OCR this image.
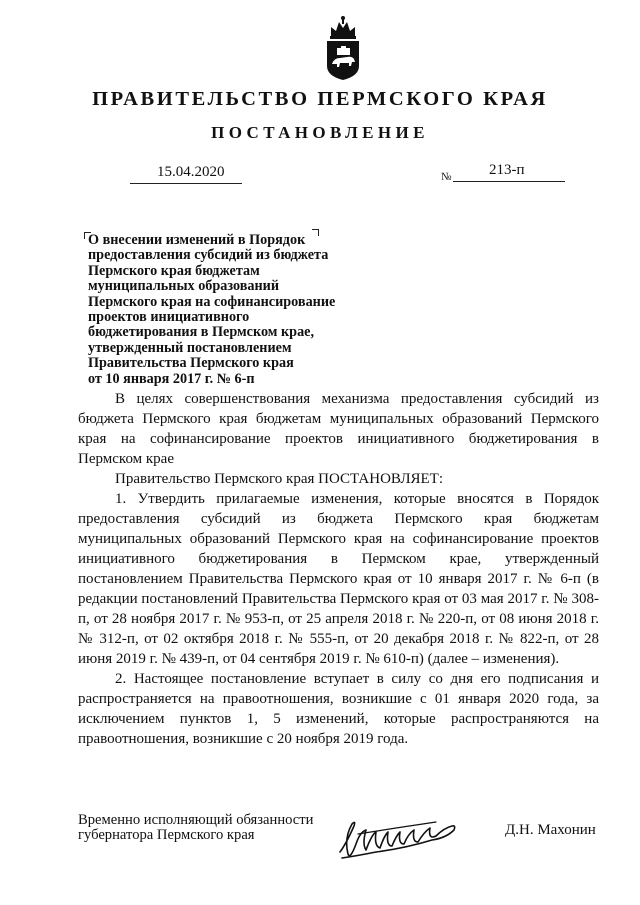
ПРАВИТЕЛЬСТВО ПЕРМСКОГО КРАЯ
ПОСТАНОВЛЕНИЕ
15.04.2020	№	213-п
О внесении изменений в Порядок
предоставления субсидий из бюджета
Пермского края бюджетам
муниципальных образований
Пермского края на софинансирование
проектов инициативного
бюджетирования в Пермском крае,
утвержденный постановлением
Правительства Пермского края
от 10 января 2017 г. № 6-п

В целях совершенствования механизма предоставления субсидий из бюджета Пермского края бюджетам муниципальных образований Пермского края на софинансирование проектов инициативного бюджетирования в Пермском крае

Правительство Пермского края ПОСТАНОВЛЯЕТ:

1. Утвердить прилагаемые изменения, которые вносятся в Порядок предоставления субсидий из бюджета Пермского края бюджетам муниципальных образований Пермского края на софинансирование проектов инициативного бюджетирования в Пермском крае, утвержденный постановлением Правительства Пермского края от 10 января 2017 г. № 6-п (в редакции постановлений Правительства Пермского края от 03 мая 2017 г. № 308-п, от 28 ноября 2017 г. № 953-п, от 25 апреля 2018 г. № 220-п, от 08 июня 2018 г. № 312-п, от 02 октября 2018 г. № 555-п, от 20 декабря 2018 г. № 822-п, от 28 июня 2019 г. № 439-п, от 04 сентября 2019 г. № 610-п) (далее – изменения).

2. Настоящее постановление вступает в силу со дня его подписания и распространяется на правоотношения, возникшие с 01 января 2020 года, за исключением пунктов 1, 5 изменений, которые распространяются на правоотношения, возникшие с 20 ноября 2019 года.

Временно исполняющий обязанности
губернатора Пермского края	Д.Н. Махонин
